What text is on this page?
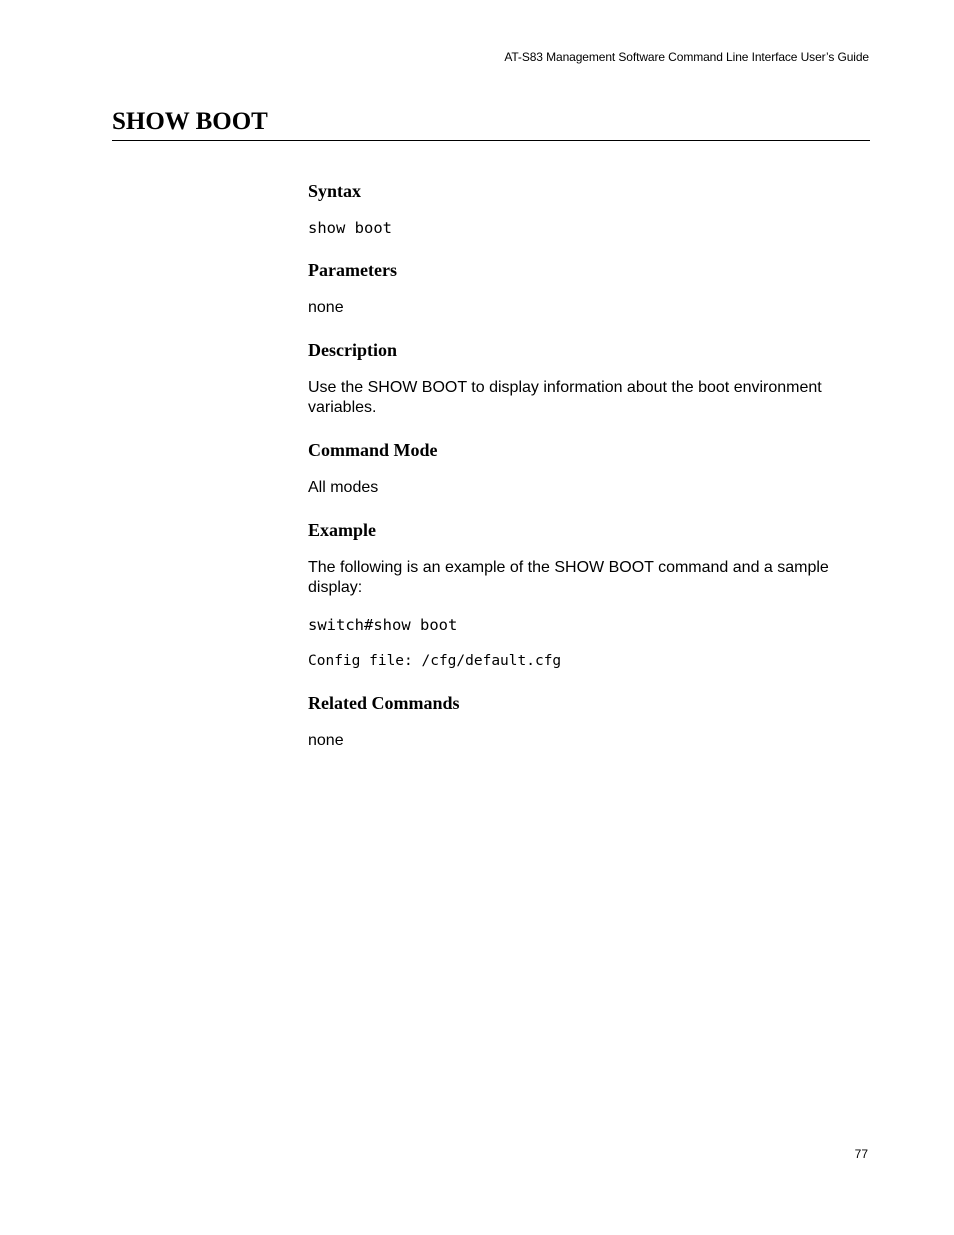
AT-S83 Management Software Command Line Interface User’s Guide
SHOW BOOT
Syntax

show boot

Parameters

none

Description

Use the SHOW BOOT to display information about the boot environment variables.

Command Mode

All modes

Example

The following is an example of the SHOW BOOT command and a sample display:

switch#show boot

Config file: /cfg/default.cfg

Related Commands

none

77
